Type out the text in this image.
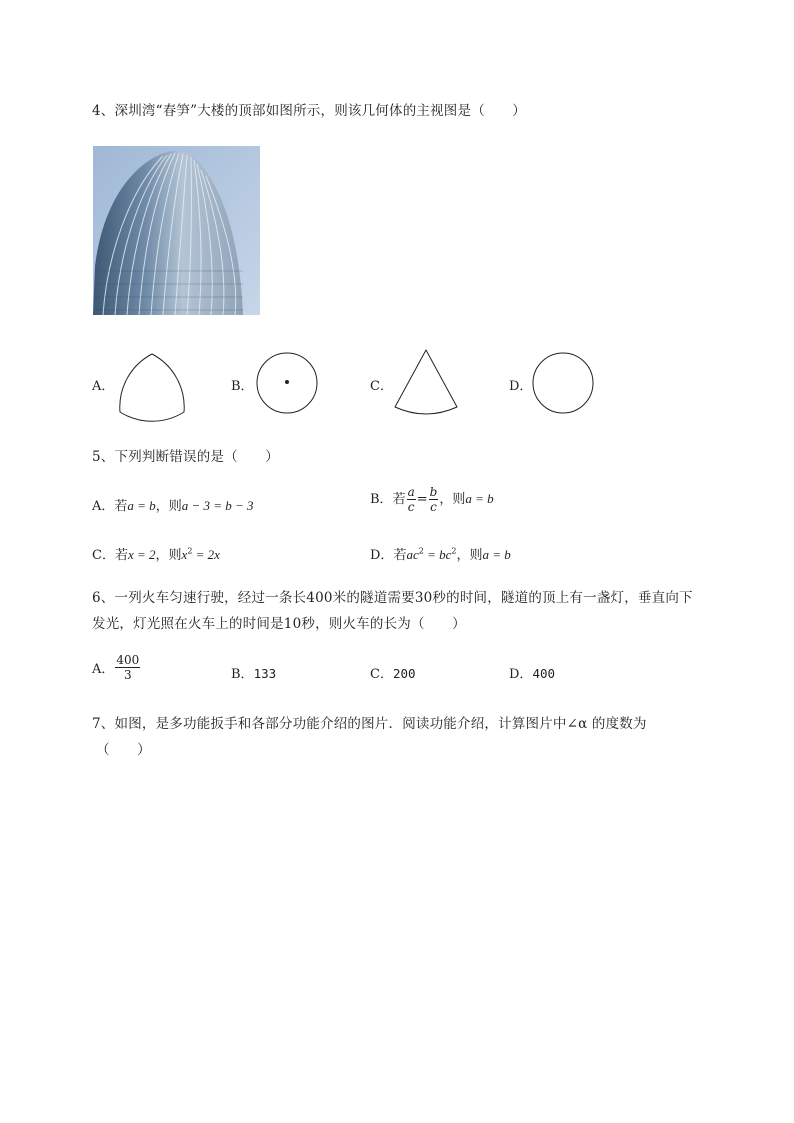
4、深圳湾“春笋”大楼的顶部如图所示，则该几何体的主视图是（　　）
A．	B．	C．	D．
5、下列判断错误的是（　　）
A．若a = b，则a − 3 = b − 3	B．若 $\frac{a}{c} = \frac{b}{c}$ ，则a = b
C．若x = 2，则$x^2 = 2x$	D．若$ac^2 = bc^2$，则a = b
6、一列火车匀速行驶，经过一条长400米的隧道需要30秒的时间，隧道的顶上有一盏灯，垂直向下
发光，灯光照在火车上的时间是10秒，则火车的长为（　　）
A． $\frac{400}{3}$	B．133	C．200	D．400
7、如图，是多功能扳手和各部分功能介绍的图片．阅读功能介绍，计算图片中∠α 的度数为
（　　）
